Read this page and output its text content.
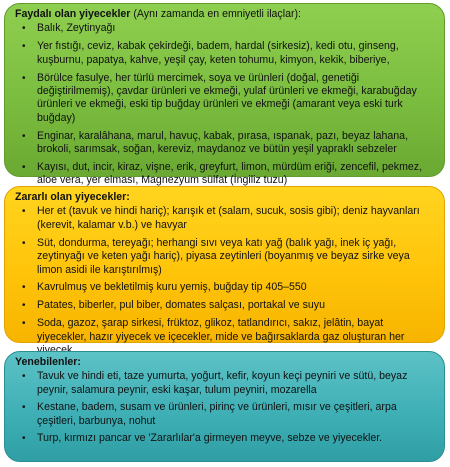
Faydalı olan yiyecekler (Aynı zamanda en emniyetli ilaçlar):
• Balık, Zeytinyağı
• Yer fıstığı, ceviz, kabak çekirdeği, badem, hardal (sirkesiz), kedi otu, ginseng, kuşburnu, papatya, kahve, yeşil çay, keten tohumu, kimyon, kekik, biberiye,
• Börülce fasulye, her türlü mercimek, soya ve ürünleri (doğal, genetiği değiştirilmemiş), çavdar ürünleri ve ekmeği, yulaf ürünleri ve ekmeği, karabuğday ürünleri ve ekmeği, eski tip buğday ürünleri ve ekmeği (amarant veya eski turk buğday)
• Enginar, karalâhana, marul, havuç, kabak, pırasa, ıspanak, pazı, beyaz lahana, brokoli, sarımsak, soğan, kereviz, maydanoz ve bütün yeşil yapraklı sebzeler
• Kayısı, dut, incir, kiraz, vişne, erik, greyfurt, limon, mürdüm eriği, zencefil, pekmez, aloe vera, yer elması, Magnezyum sülfat (İngiliz tuzu)
Zararlı olan yiyecekler:
• Her et (tavuk ve hindi hariç); karışık et (salam, sucuk, sosis gibi); deniz hayvanları (kerevit, kalamar v.b.) ve havyar
• Süt, dondurma, tereyağı; herhangi sıvı veya katı yağ (balık yağı, inek iç yağı, zeytinyağı ve keten yağı hariç), piyasa zeytinleri (boyanmış ve beyaz sirke veya limon asidi ile karıştırılmış)
• Kavrulmuş ve bekletilmiş kuru yemiş, buğday tip 405–550
• Patates, biberler, pul biber, domates salçası, portakal ve suyu
• Soda, gazoz, şarap sirkesi, früktoz, glikoz, tatlandırıcı, sakız, jelâtin, bayat yiyecekler, hazır yiyecek ve içecekler, mide ve bağırsaklarda gaz oluşturan her
Yenebilenler:
• Tavuk ve hindi eti, taze yumurta, yoğurt, kefir, koyun keçi peyniri ve sütü, beyaz peynir, salamura peynir, eski kaşar, tulum peyniri, mozarella
• Kestane, badem, susam ve ürünleri, pirinç ve ürünleri, mısır ve çeşitleri, arpa çeşitleri, barbunya, nohut
• Turp, kırmızı pancar ve 'Zararlılar'a girmeyen meyve, sebze ve yiyecekler.
